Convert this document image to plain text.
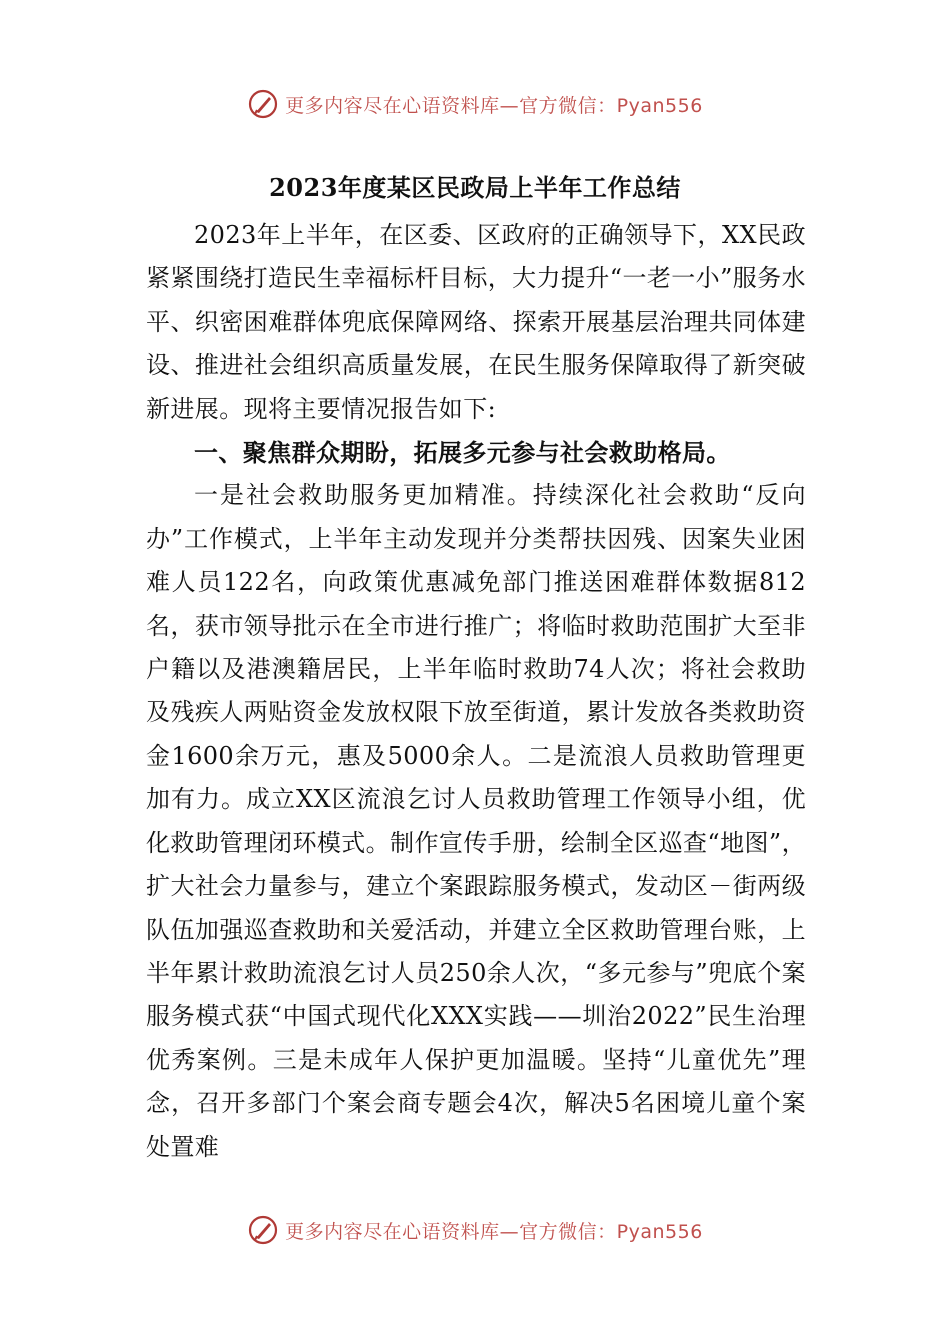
更多内容尽在心语资料库—官方微信：Pyan556
2023年度某区民政局上半年工作总结

2023年上半年，在区委、区政府的正确领导下，XX民政紧紧围绕打造民生幸福标杆目标，大力提升“一老一小”服务水平、织密困难群体兜底保障网络、探索开展基层治理共同体建设、推进社会组织高质量发展，在民生服务保障取得了新突破新进展。现将主要情况报告如下:

一、聚焦群众期盼，拓展多元参与社会救助格局。

一是社会救助服务更加精准。持续深化社会救助“反向办”工作模式，上半年主动发现并分类帮扶因残、因案失业困难人员122名，向政策优惠减免部门推送困难群体数据812名，获市领导批示在全市进行推广；将临时救助范围扩大至非户籍以及港澳籍居民，上半年临时救助74人次；将社会救助及残疾人两贴资金发放权限下放至街道，累计发放各类救助资金1600余万元，惠及5000余人。二是流浪人员救助管理更加有力。成立XX区流浪乞讨人员救助管理工作领导小组，优化救助管理闭环模式。制作宣传手册，绘制全区巡查“地图”，扩大社会力量参与，建立个案跟踪服务模式，发动区－街两级队伍加强巡查救助和关爱活动，并建立全区救助管理台账，上半年累计救助流浪乞讨人员250余人次，“多元参与”兜底个案服务模式获“中国式现代化XXX实践——圳治2022”民生治理优秀案例。三是未成年人保护更加温暖。坚持“儿童优先”理念，召开多部门个案会商专题会4次，解决5名困境儿童个案处置难

更多内容尽在心语资料库—官方微信：Pyan556
